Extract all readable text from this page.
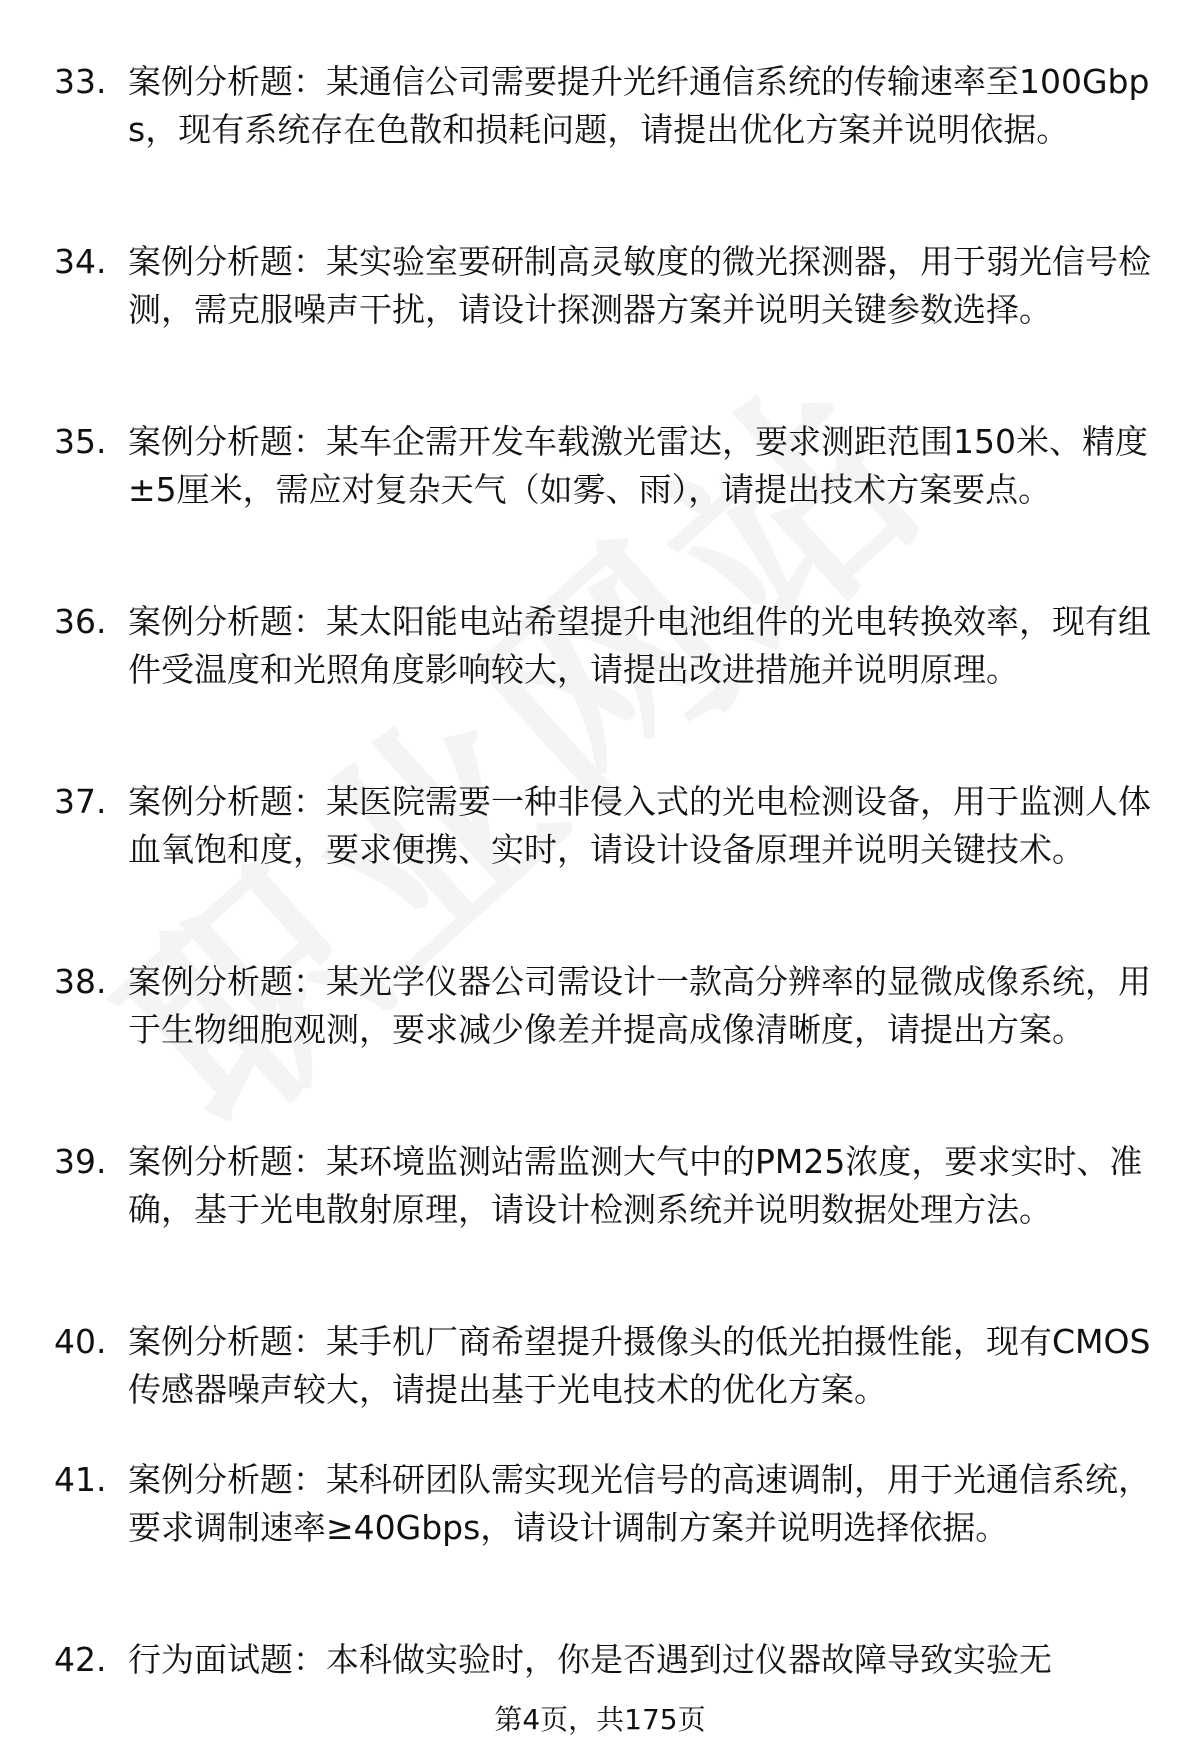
33. 案例分析题：某通信公司需要提升光纤通信系统的传输速率至100Gbps，现有系统存在色散和损耗问题，请提出优化方案并说明依据。
34. 案例分析题：某实验室要研制高灵敏度的微光探测器，用于弱光信号检测，需克服噪声干扰，请设计探测器方案并说明关键参数选择。
35. 案例分析题：某车企需开发车载激光雷达，要求测距范围150米、精度±5厘米，需应对复杂天气（如雾、雨），请提出技术方案要点。
36. 案例分析题：某太阳能电站希望提升电池组件的光电转换效率，现有组件受温度和光照角度影响较大，请提出改进措施并说明原理。
37. 案例分析题：某医院需要一种非侵入式的光电检测设备，用于监测人体血氧饱和度，要求便携、实时，请设计设备原理并说明关键技术。
38. 案例分析题：某光学仪器公司需设计一款高分辨率的显微成像系统，用于生物细胞观测，要求减少像差并提高成像清晰度，请提出方案。
39. 案例分析题：某环境监测站需监测大气中的PM25浓度，要求实时、准确，基于光电散射原理，请设计检测系统并说明数据处理方法。
40. 案例分析题：某手机厂商希望提升摄像头的低光拍摄性能，现有CMOS传感器噪声较大，请提出基于光电技术的优化方案。
41. 案例分析题：某科研团队需实现光信号的高速调制，用于光通信系统，要求调制速率≥40Gbps，请设计调制方案并说明选择依据。
42. 行为面试题：本科做实验时，你是否遇到过仪器故障导致实验无
第4页，共175页
